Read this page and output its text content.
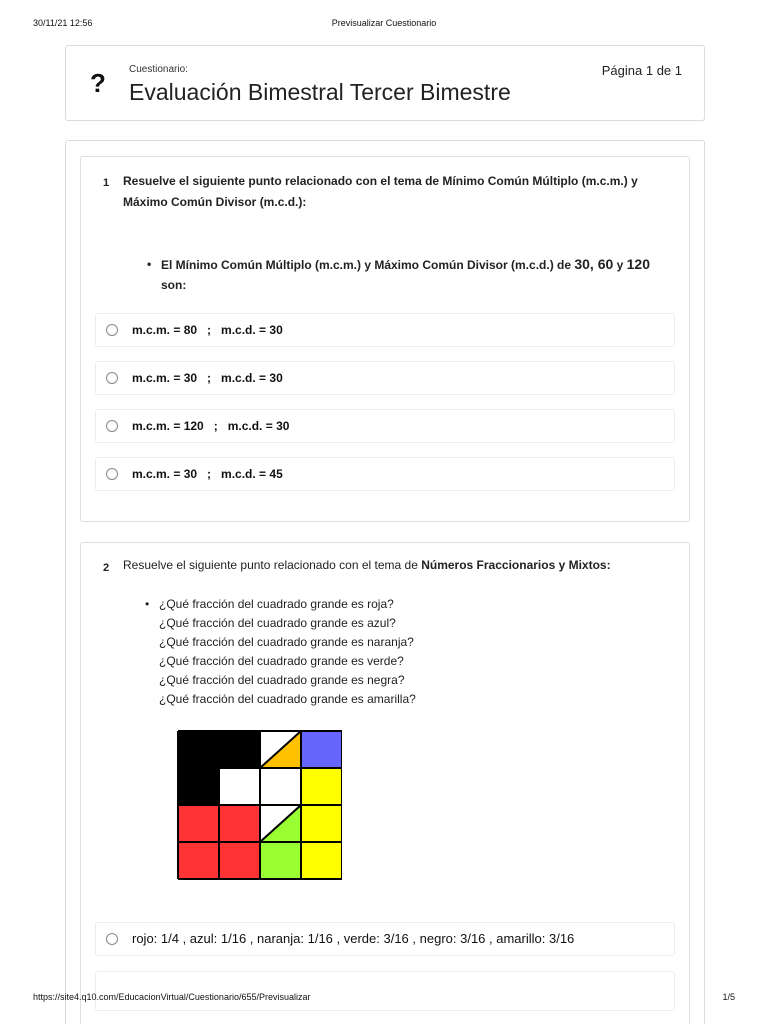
30/11/21 12:56	Previsualizar Cuestionario
? Cuestionario:
Evaluación Bimestral Tercer Bimestre
Página 1 de 1
1 Resuelve el siguiente punto relacionado con el tema de Mínimo Común Múltiplo (m.c.m.) y
Máximo Común Divisor (m.c.d.):
• El Mínimo Común Múltiplo (m.c.m.) y Máximo Común Divisor (m.c.d.) de 30, 60 y 120
son:
m.c.m. = 80   ;   m.c.d. = 30
m.c.m. = 30   ;   m.c.d. = 30
m.c.m. = 120   ;   m.c.d. = 30
m.c.m. = 30   ;   m.c.d. = 45
2 Resuelve el siguiente punto relacionado con el tema de Números Fraccionarios y Mixtos:
• ¿Qué fracción del cuadrado grande es roja?
¿Qué fracción del cuadrado grande es azul?
¿Qué fracción del cuadrado grande es naranja?
¿Qué fracción del cuadrado grande es verde?
¿Qué fracción del cuadrado grande es negra?
¿Qué fracción del cuadrado grande es amarilla?
rojo: 1/4 , azul: 1/16 , naranja: 1/16 , verde: 3/16 , negro: 3/16 , amarillo: 3/16
https://site4.q10.com/EducacionVirtual/Cuestionario/655/Previsualizar	1/5
